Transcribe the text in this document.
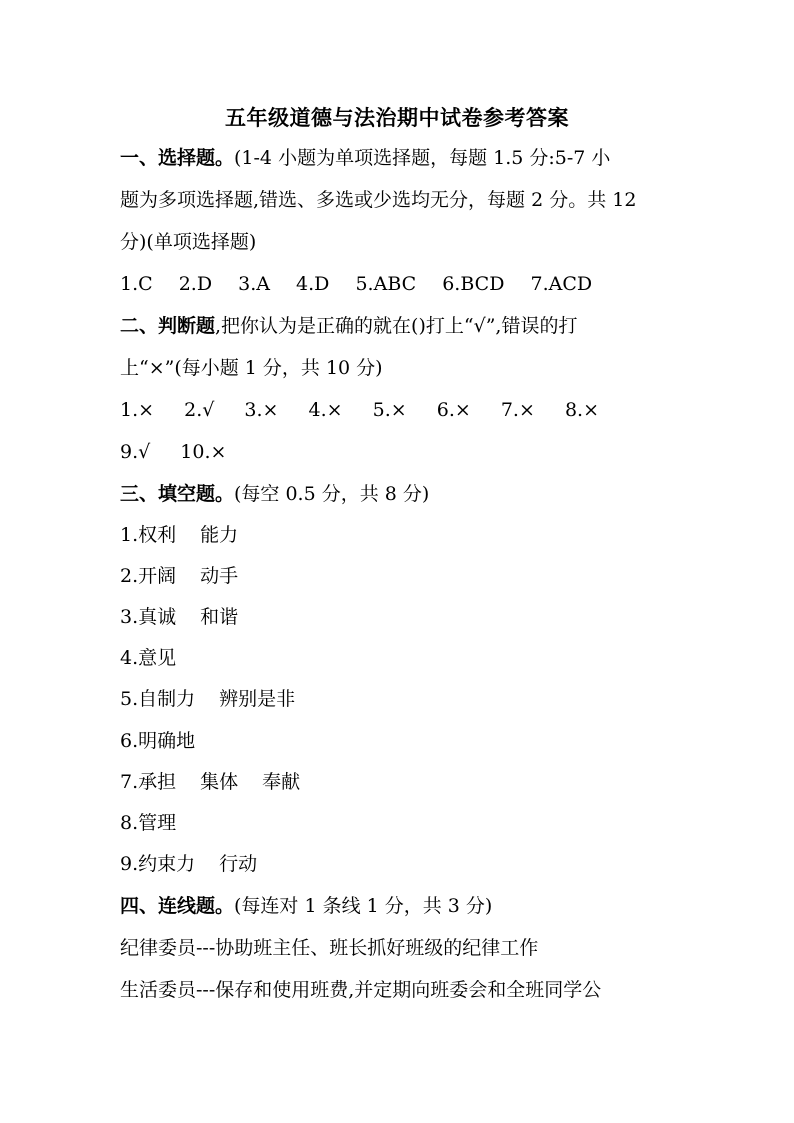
五年级道德与法治期中试卷参考答案
一、选择题。(1-4 小题为单项选择题，每题 1.5 分:5-7 小
题为多项选择题,错选、多选或少选均无分，每题 2 分。共 12
分)(单项选择题)
1.C 2.D 3.A 4.D 5.ABC 6.BCD 7.ACD
二、判断题,把你认为是正确的就在()打上“√”,错误的打
上“×”(每小题 1 分，共 10 分)
1.× 2.√ 3.× 4.× 5.× 6.× 7.× 8.×
9.√ 10.×
三、填空题。(每空 0.5 分，共 8 分)
1.权利 能力
2.开阔 动手
3.真诚 和谐
4.意见
5.自制力 辨别是非
6.明确地
7.承担 集体 奉献
8.管理
9.约束力 行动
四、连线题。(每连对 1 条线 1 分，共 3 分)
纪律委员---协助班主任、班长抓好班级的纪律工作
生活委员---保存和使用班费,并定期向班委会和全班同学公
